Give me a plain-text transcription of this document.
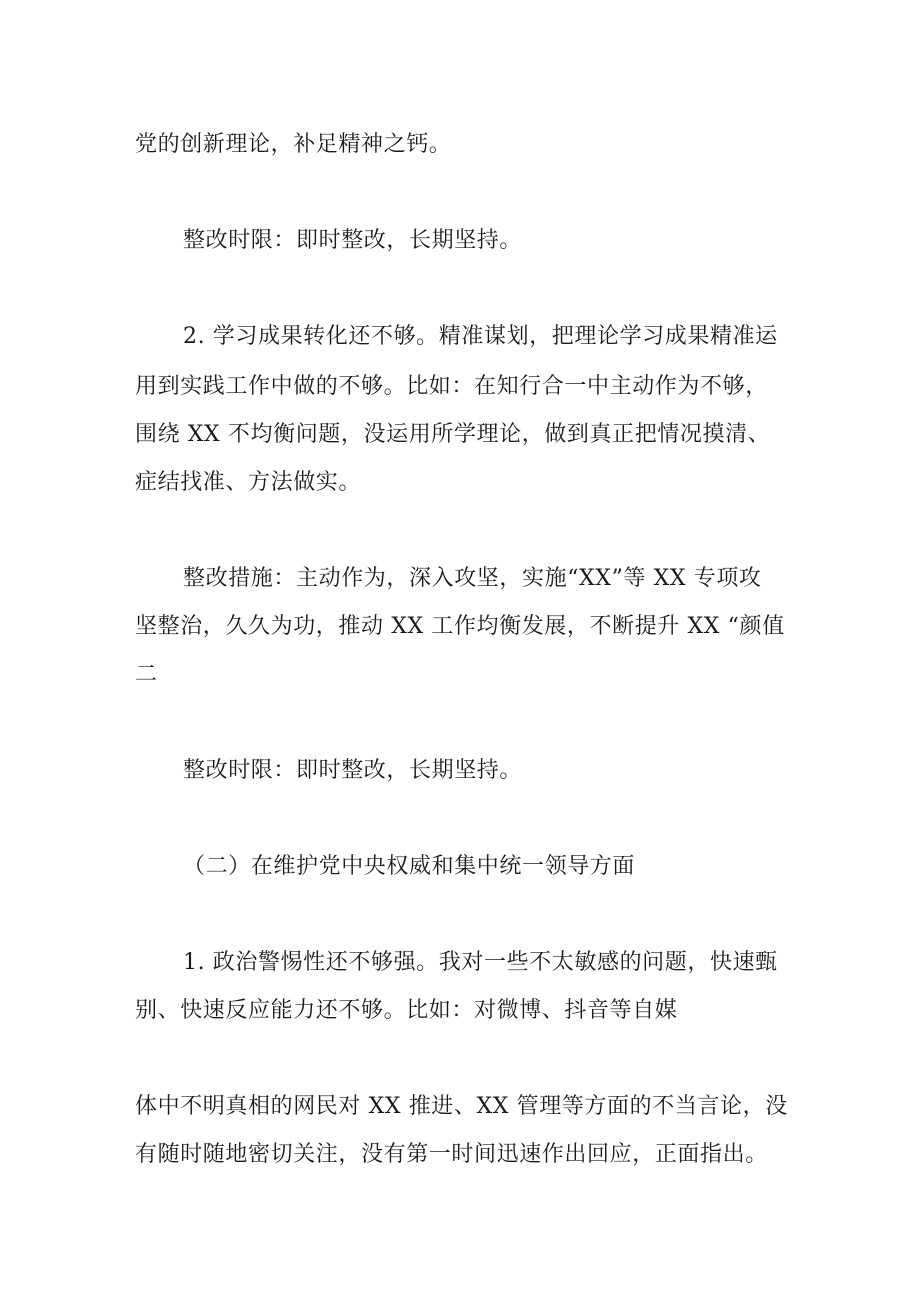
党的创新理论，补足精神之钙。
整改时限：即时整改，长期坚持。
2. 学习成果转化还不够。精准谋划，把理论学习成果精准运
用到实践工作中做的不够。比如：在知行合一中主动作为不够，
围绕 XX 不均衡问题，没运用所学理论，做到真正把情况摸清、
症结找准、方法做实。
整改措施：主动作为，深入攻坚，实施“XX”等 XX 专项攻
坚整治，久久为功，推动 XX 工作均衡发展，不断提升 XX “颜值
二
整改时限：即时整改，长期坚持。
（二）在维护党中央权威和集中统一领导方面
1. 政治警惕性还不够强。我对一些不太敏感的问题，快速甄
别、快速反应能力还不够。比如：对微博、抖音等自媒
体中不明真相的网民对 XX 推进、XX 管理等方面的不当言论，没
有随时随地密切关注，没有第一时间迅速作出回应，正面指出。
